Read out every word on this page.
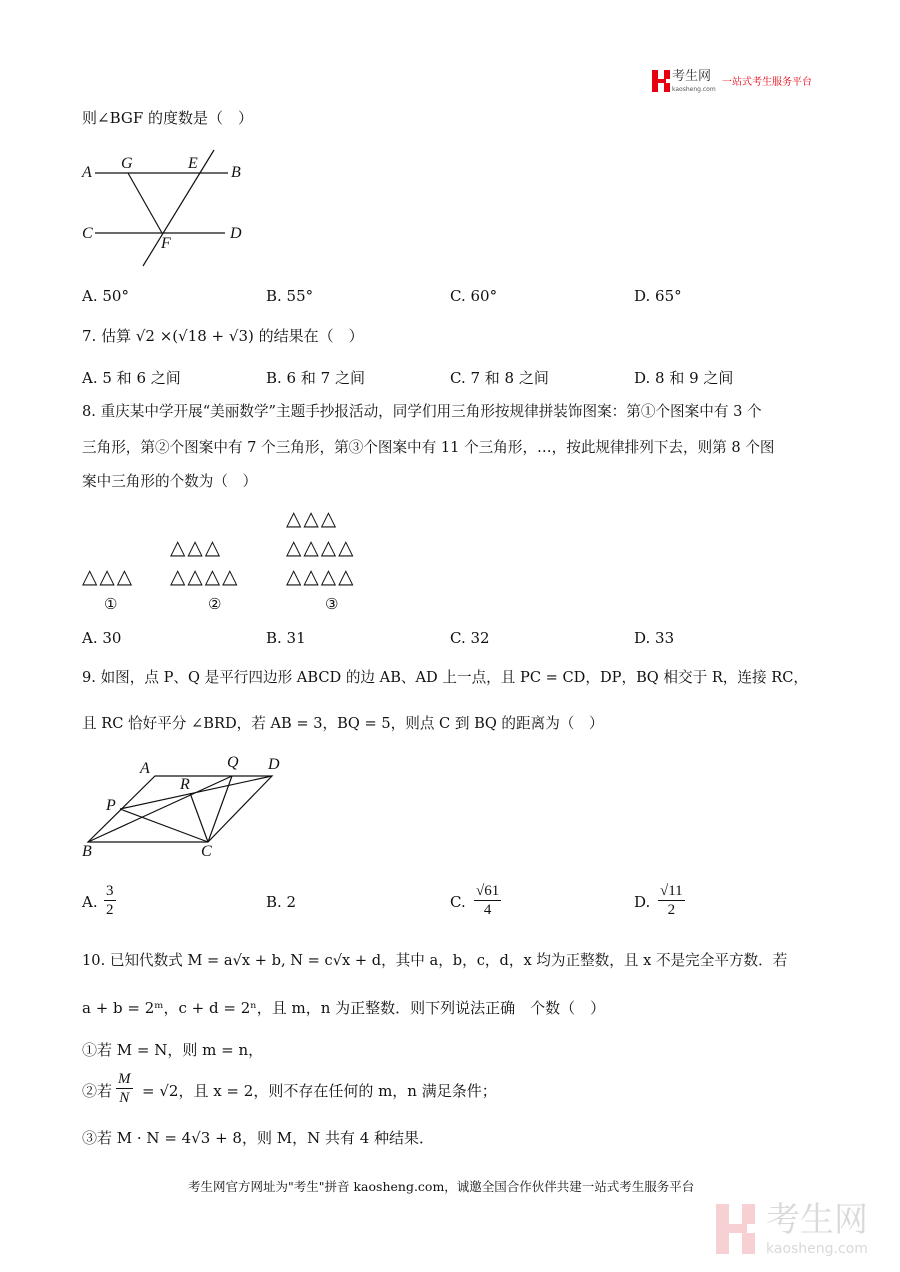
考生网
kaosheng.com
一站式考生服务平台
则∠BGF 的度数是（　）
A
G	E
B
C
F
D
A. 50°	B. 55°	C. 60°	D. 65°
7. 估算 √2 ×(√18 + √3) 的结果在（　）
A. 5 和 6 之间	B. 6 和 7 之间	C. 7 和 8 之间	D. 8 和 9 之间
8. 重庆某中学开展“美丽数学”主题手抄报活动，同学们用三角形按规律拼装饰图案：第①个图案中有 3 个
三角形，第②个图案中有 7 个三角形，第③个图案中有 11 个三角形，…，按此规律排列下去，则第 8 个图
案中三角形的个数为（　）
△△△
①
△△△
△△△△
②
△△△
△△△△
△△△△
③
A. 30	B. 31	C. 32	D. 33
9. 如图，点 P、Q 是平行四边形 ABCD 的边 AB、AD 上一点，且 PC = CD，DP，BQ 相交于 R，连接 RC，
且 RC 恰好平分 ∠BRD，若 AB = 3，BQ = 5，则点 C 到 BQ 的距离为（　）
A	Q D
R
P
B	C
A. $\frac{3}{2}$	B. 2	C. $\frac{√61}{4}$	D. $\frac{√11}{2}$
10. 已知代数式 M = a√x + b, N = c√x + d，其中 a，b，c，d，x 均为正整数，且 x 不是完全平方数．若
a + b = 2ᵐ，c + d = 2ⁿ，且 m，n 为正整数．则下列说法正确　个数（　）
①若 M = N，则 m = n，
②若 $\frac{M}{N} = √2$，且 x = 2，则不存在任何的 m，n 满足条件；
③若 M · N = 4√3 + 8，则 M，N 共有 4 种结果．
考生网官方网址为"考生"拼音 kaosheng.com，诚邀全国合作伙伴共建一站式考生服务平台
考生网
kaosheng.com
